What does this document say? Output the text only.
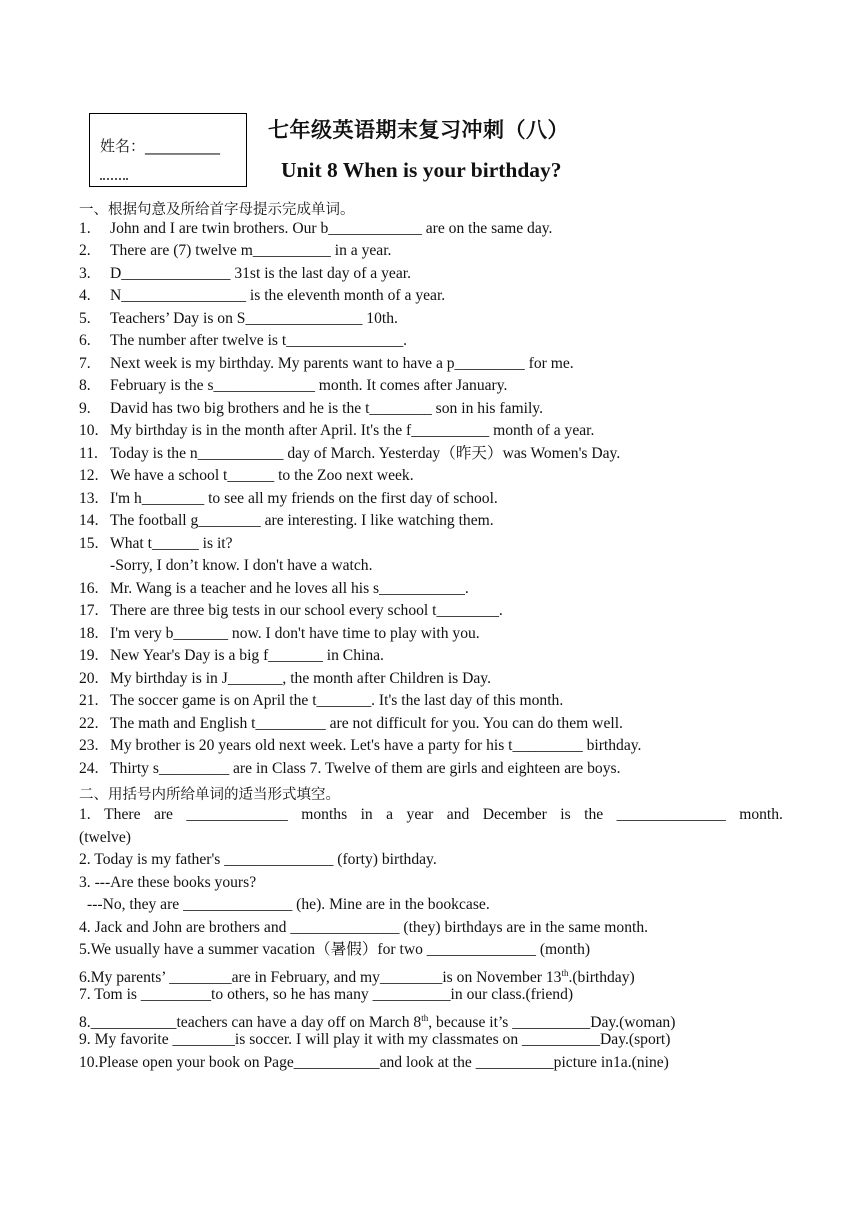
姓名：__________
七年级英语期末复习冲刺（八）
Unit 8 When is your birthday?
一、根据句意及所给首字母提示完成单词。
1. John and I are twin brothers. Our b____________ are on the same day.
2. There are (7) twelve m__________ in a year.
3. D______________ 31st is the last day of a year.
4. N________________ is the eleventh month of a year.
5. Teachers’ Day is on S_______________ 10th.
6. The number after twelve is t_______________.
7. Next week is my birthday. My parents want to have a p_________ for me.
8. February is the s_____________ month. It comes after January.
9. David has two big brothers and he is the t________ son in his family.
10. My birthday is in the month after April. It's the f__________ month of a year.
11. Today is the n___________ day of March. Yesterday（昨天）was Women's Day.
12. We have a school t______ to the Zoo next week.
13. I'm h________ to see all my friends on the first day of school.
14. The football g________ are interesting. I like watching them.
15. What t______ is it?
16. Mr. Wang is a teacher and he loves all his s___________.
17. There are three big tests in our school every school t________.
18. I'm very b_______ now. I don't have time to play with you.
19. New Year's Day is a big f_______ in China.
20. My birthday is in J_______, the month after Children is Day.
21. The soccer game is on April the t_______. It's the last day of this month.
22. The math and English t_________ are not difficult for you. You can do them well.
23. My brother is 20 years old next week. Let's have a party for his t_________ birthday.
24. Thirty s_________ are in Class 7. Twelve of them are girls and eighteen are boys.
-Sorry, I don’t know. I don't have a watch.
二、用括号内所给单词的适当形式填空。
1. There are _____________ months in a year and December is the ______________ month.
(twelve)
2. Today is my father's ______________ (forty) birthday.
3. ---Are these books yours?
---No, they are ______________ (he). Mine are in the bookcase.
4. Jack and John are brothers and ______________ (they) birthdays are in the same month.
5.We usually have a summer vacation（暑假）for two ______________ (month)
6.My parents’ ________are in February, and my________is on November 13th.(birthday)
7. Tom is _________to others, so he has many __________in our class.(friend)
8.___________teachers can have a day off on March 8th, because it’s __________Day.(woman)
9. My favorite ________is soccer. I will play it with my classmates on __________Day.(sport)
10.Please open your book on Page___________and look at the __________picture in1a.(nine)
